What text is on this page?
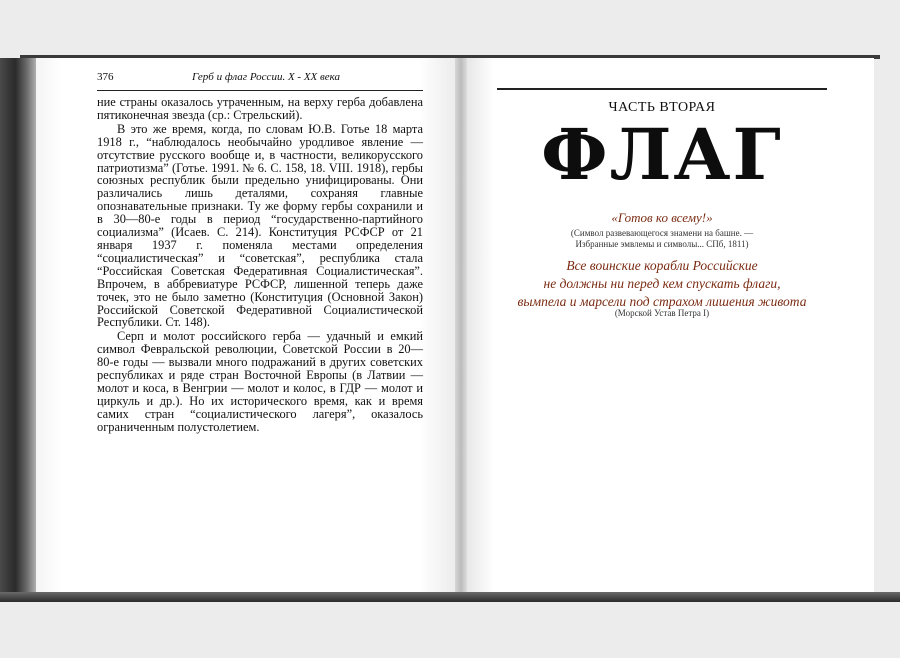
376	Герб и флаг России. X - XX века

ние страны оказалось утраченным, на верху герба добавлена пятиконечная звезда (ср.: Стрельский).

В это же время, когда, по словам Ю.В. Готье 18 марта 1918 г., “наблюдалось необычайно уродливое явление — отсутствие русского вообще и, в частности, великорусского патриотизма” (Готье. 1991. № 6. С. 158, 18. VIII. 1918), гербы союзных республик были предельно унифицированы. Они различались лишь деталями, сохраняя главные опознавательные признаки. Ту же форму гербы сохранили и в 30—80-е годы в период “государственно-партийного социализма” (Исаев. С. 214). Конституция РСФСР от 21 января 1937 г. поменяла местами определения “социалистическая” и “советская”, республика стала “Российская Советская Федеративная Социалистическая”. Впрочем, в аббревиатуре РСФСР, лишенной теперь даже точек, это не было заметно (Конституция (Основной Закон) Российской Советской Федеративной Социалистической Республики. Ст. 148).

Серп и молот российского герба — удачный и емкий символ Февральской революции, Советской России в 20—80-е годы — вызвали много подражаний в других советских республиках и ряде стран Восточной Европы (в Латвии — молот и коса, в Венгрии — молот и колос, в ГДР — молот и циркуль и др.). Но их исторического время, как и время самих стран “социалистического лагеря”, оказалось ограниченным полустолетием.

ЧАСТЬ ВТОРАЯ
ФЛАГ
«Готов ко всему!»
(Символ развевающегося знамени на башне. —
Избранные эмвлемы и символы... СПб, 1811)
Все воинские корабли Российские
не должны ни перед кем спускать флаги,
вымпела и марсели под страхом лишения живота
(Морской Устав Петра I)
